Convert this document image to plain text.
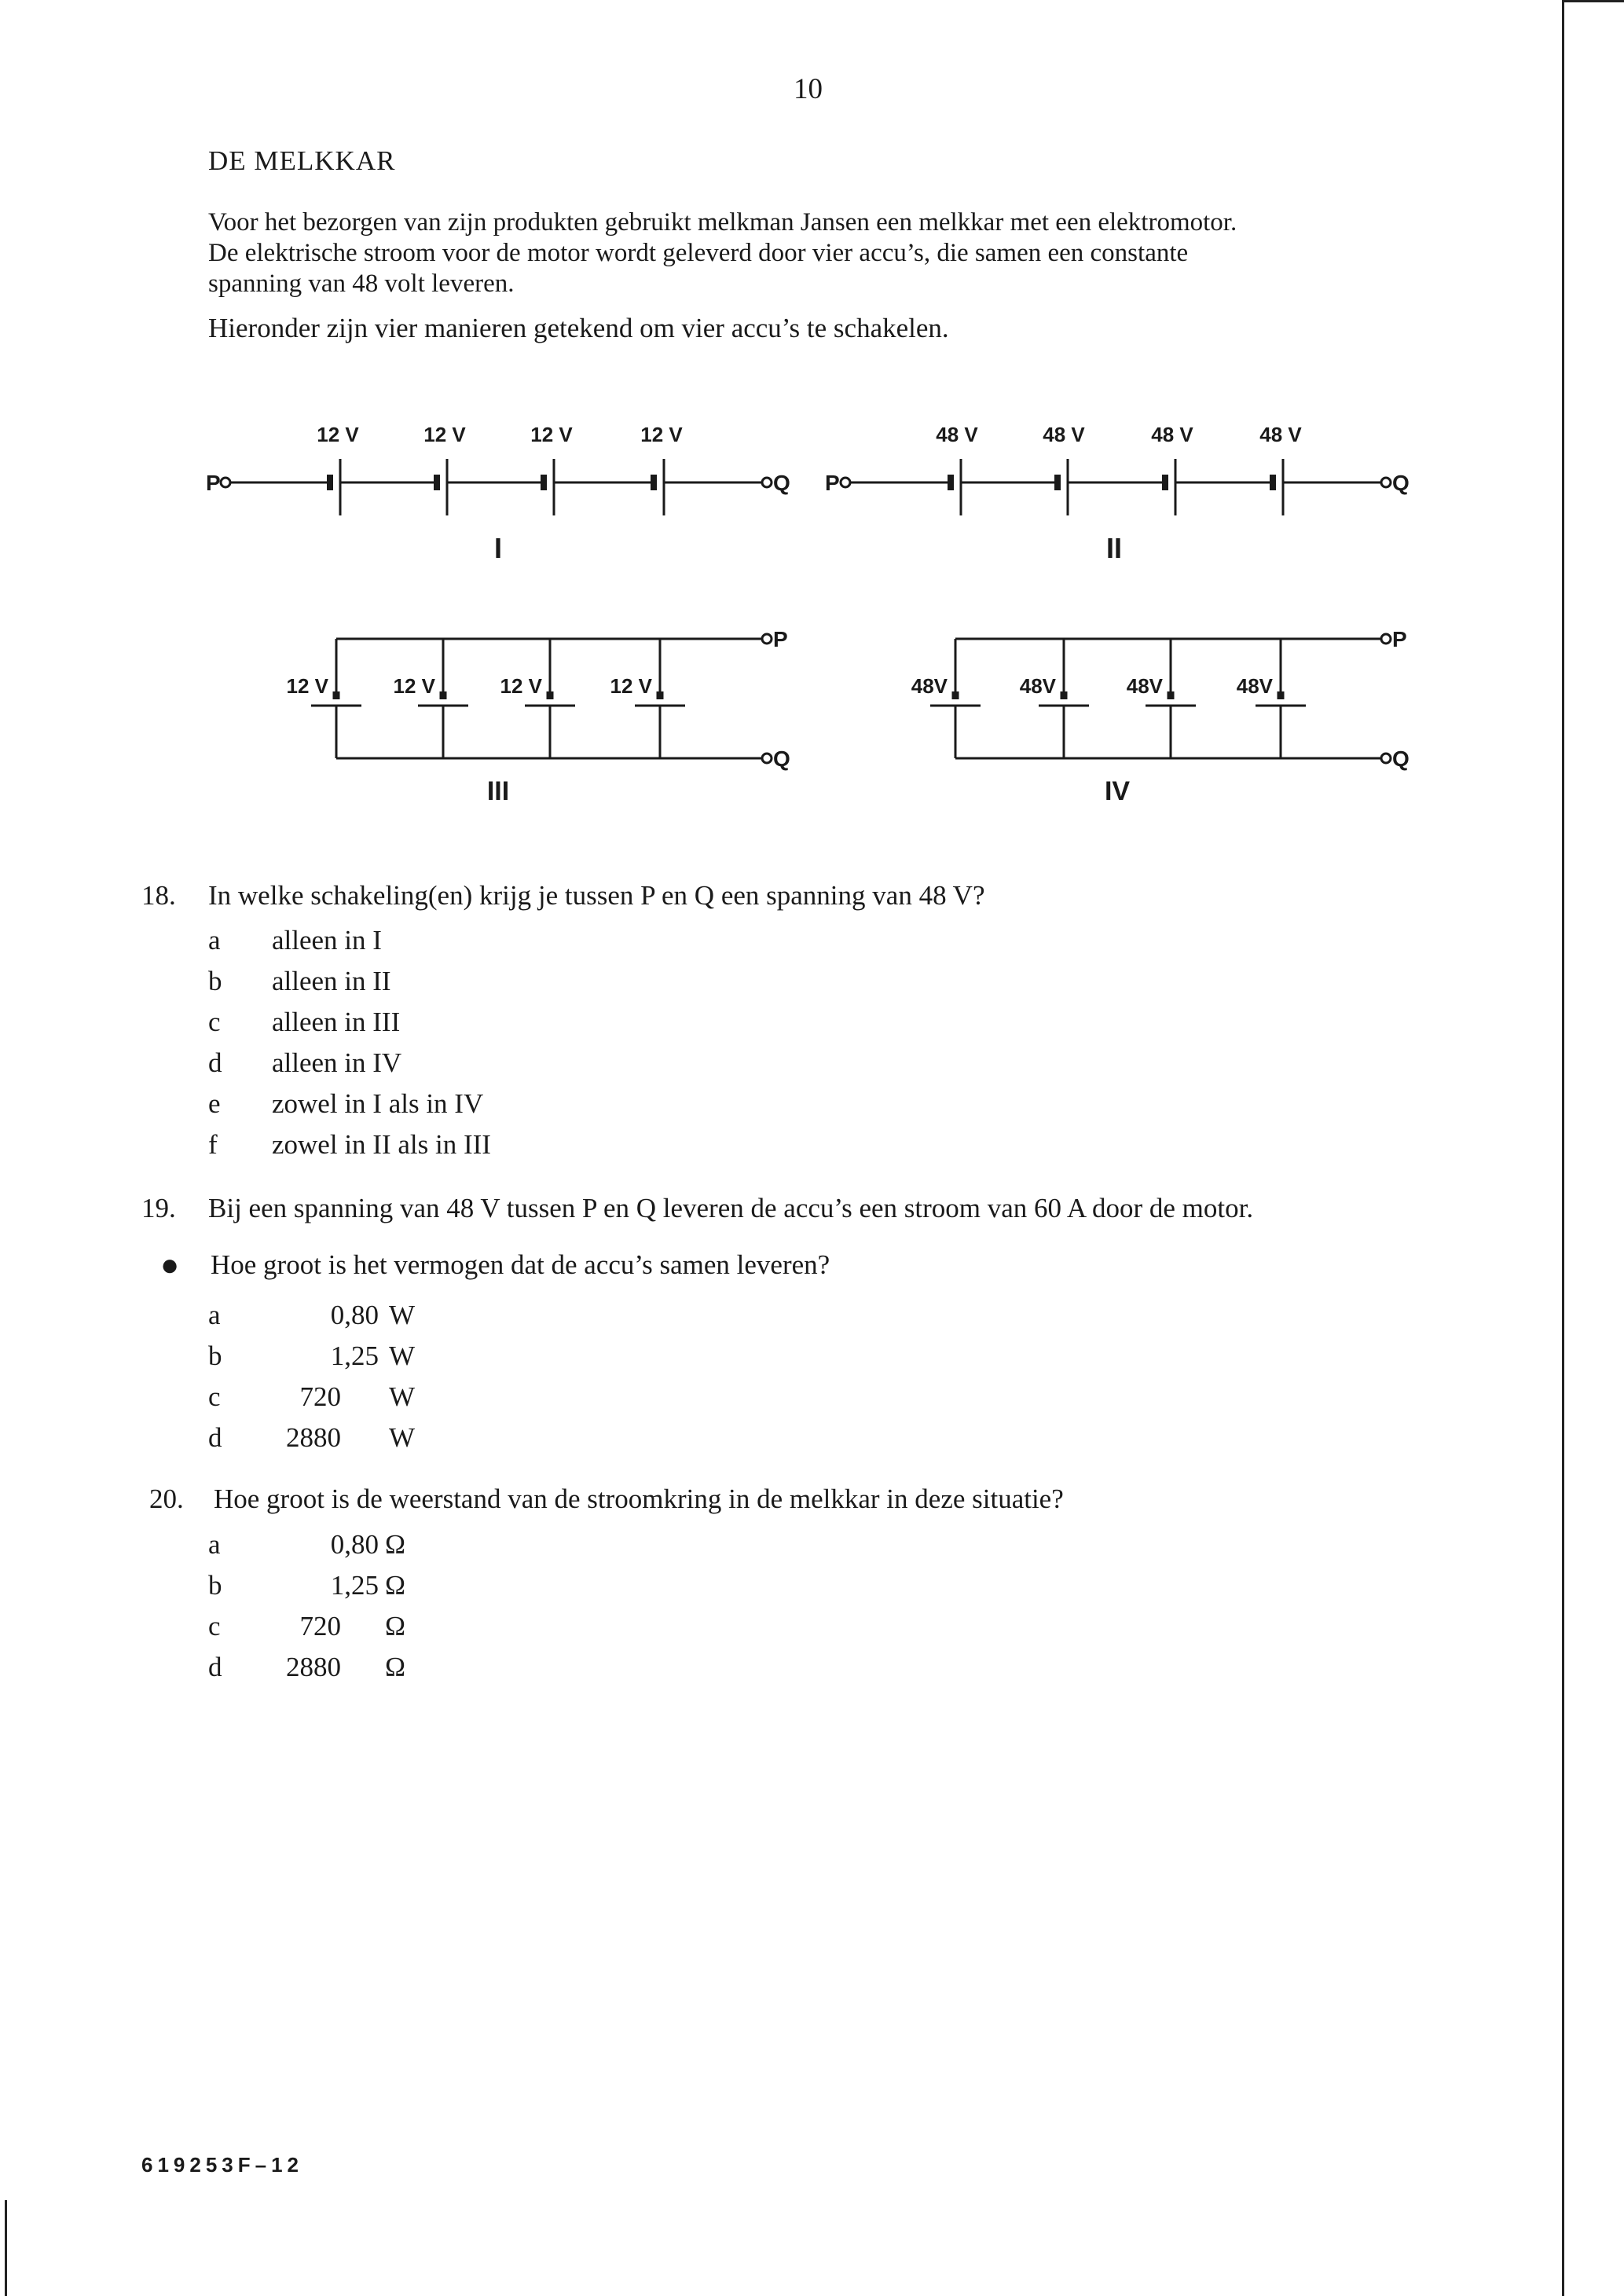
10
DE MELKKAR

Voor het bezorgen van zijn produkten gebruikt melkman Jansen een melkkar met een elektromotor.

De elektrische stroom voor de motor wordt geleverd door vier accu’s, die samen een constante

spanning van 48 volt leveren.

Hieronder zijn vier manieren getekend om vier accu’s te schakelen.
12 V	12 V	12 V	12 V
P	Q
I
48 V	48 V	48 V	48 V
P	Q
II
12 V	12 V	12 V	12 V
P
Q
III
48V	48V	48V	48V
P
Q
IV
18. In welke schakeling(en) krijg je tussen P en Q een spanning van 48 V?
a alleen in I
b alleen in II
c alleen in III
d alleen in IV
e zowel in I als in IV
f zowel in II als in III
19. Bij een spanning van 48 V tussen P en Q leveren de accu’s een stroom van 60 A door de motor.
● Hoe groot is het vermogen dat de accu’s samen leveren?
a	0,80 W
b	1,25 W
c	720 W
d	2880 W
20. Hoe groot is de weerstand van de stroomkring in de melkkar in deze situatie?
a	0,80 Ω
b	1,25 Ω
c	720 Ω
d	2880 Ω
619253F–12
